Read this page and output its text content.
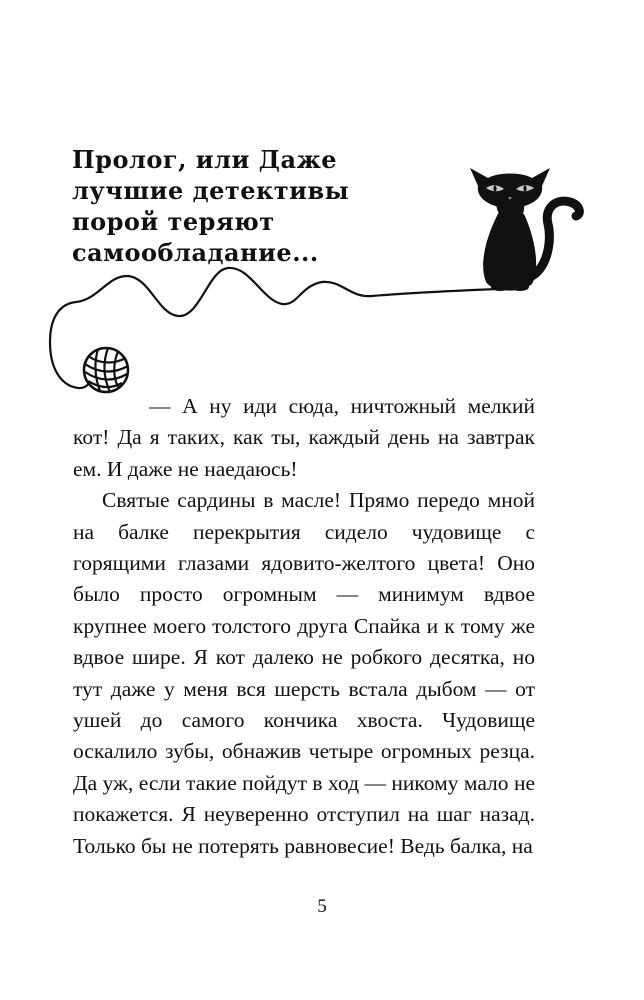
Пролог, или Даже
лучшие детективы
порой теряют
самообладание...

— А ну иди сюда, ничтожный мелкий кот! Да я таких, как ты, каждый день на завтрак ем. И даже не наедаюсь!

Святые сардины в масле! Прямо передо мной на балке перекрытия сидело чудовище с горящими глазами ядовито-желтого цвета! Оно было просто огромным — минимум вдвое крупнее моего толстого друга Спайка и к тому же вдвое шире. Я кот далеко не робкого десятка, но тут даже у меня вся шерсть встала дыбом — от ушей до самого кончика хвоста. Чудовище оскалило зубы, обнажив четыре огромных резца. Да уж, если такие пойдут в ход — никому мало не покажется. Я неуверенно отступил на шаг назад. Только бы не потерять равновесие! Ведь балка, на

5
